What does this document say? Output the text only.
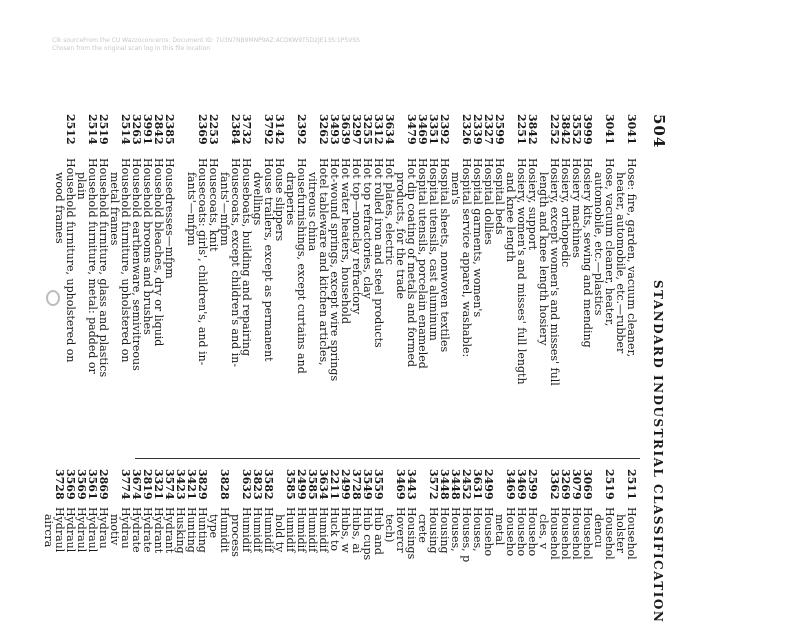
Clk sourceFrom the CU Wazzoconcerns: Document ID: 7U3N7NB9MNP9AZ:ACDKW9T5D2JE13S:1P5VSS
Chosen from the original scan log in this file location
504
STANDARD INDUSTRIAL CLASSIFICATION
3041
Hose: fire, garden, vacuum cleaner,
heater, automobile, etc.—rubber
3041
Hose, vacuum cleaner, heater,
automobile, etc.—plastics
3999
Hosiery kits, sewing and mending
3552
Hosiery machines
3842
Hosiery, orthopedic
2252
Hosiery, except women's and misses' full
length and knee length hosiery
3842
Hosiery, support
2251
Hosiery, women's and misses' full length
and knee length
2599
Hospital beds
2327
Hospital dollies
2339
Hospital garments, women's
2326
Hospital service apparel, washable:
men's
2392
Hospital sheets, nonwoven textiles
3351
Hospital utensils, cast aluminum
3469
Hospital utensils, porcelain enameled
3479
Hot dip coating of metals and formed
products, for the trade
3634
Hot plates, electric
3312
Hot rolled iron and steel products
3255
Hot top refractories, clay
3297
Hot top—nonclay refractory
3639
Hot water heaters, household
3493
Hot-wound springs, except wire springs
3262
Hotel tableware and kitchen articles,
vitreous china
2392
Housefurnishings, except curtains and
draperies
3142
House slippers
3792
House trailers, except as permanent
dwellings
3732
Houseboats, building and repairing
2384
Housecoats, except children's and in-
fants'—mfpm
2253
Housecoats, knit
2369
Housecoats: girls', children's, and in-
fants'—mfpm
2385
Housedresses—mfpm
2842
Household bleaches, dry or liquid
3991
Household brooms and brushes
3263
Household earthenware, semivitreous
2514
Household furniture, upholstered on
metal frames
2519
Household furniture, glass and plastics
2514
Household furniture, metal: padded or
plain
2512
Household furniture, upholstered on
wood frames
2511
Househol
holster
2519
Househol
dencu
3069
Househol
3079
Househol
3269
Househol
3362
Househol
cles, v
2599
Househo
3469
Househo
3469
Househo
metal
2499
Househo
3631
Houses,
2452
Houses, p
3448
Houses,
3448
Housing
3572
Housing
crete
3443
Housings
3469
Hovercr
tech)
3559
Hub and
3549
Hub cups
3728
Hubs, ai
2499
Hubs, w
2211
Huck to
3634
Humidif
3585
Humidif
2499
Humidif
3585
Humidif
hold ty
3582
Humidif
3823
Humidif
3632
Humidif
process
3828
Humidit
type
3829
Hunting
3421
Hunting
3423
Husking
3574
Hydrant
3321
Hydrant
2819
Hydrate
3674
Hydrate
3774
Hydrau
motiv
2869
Hydrau
3561
Hydraul
3569
Hydraul
3569
Hydraul
3728
Hydraul
aircra
